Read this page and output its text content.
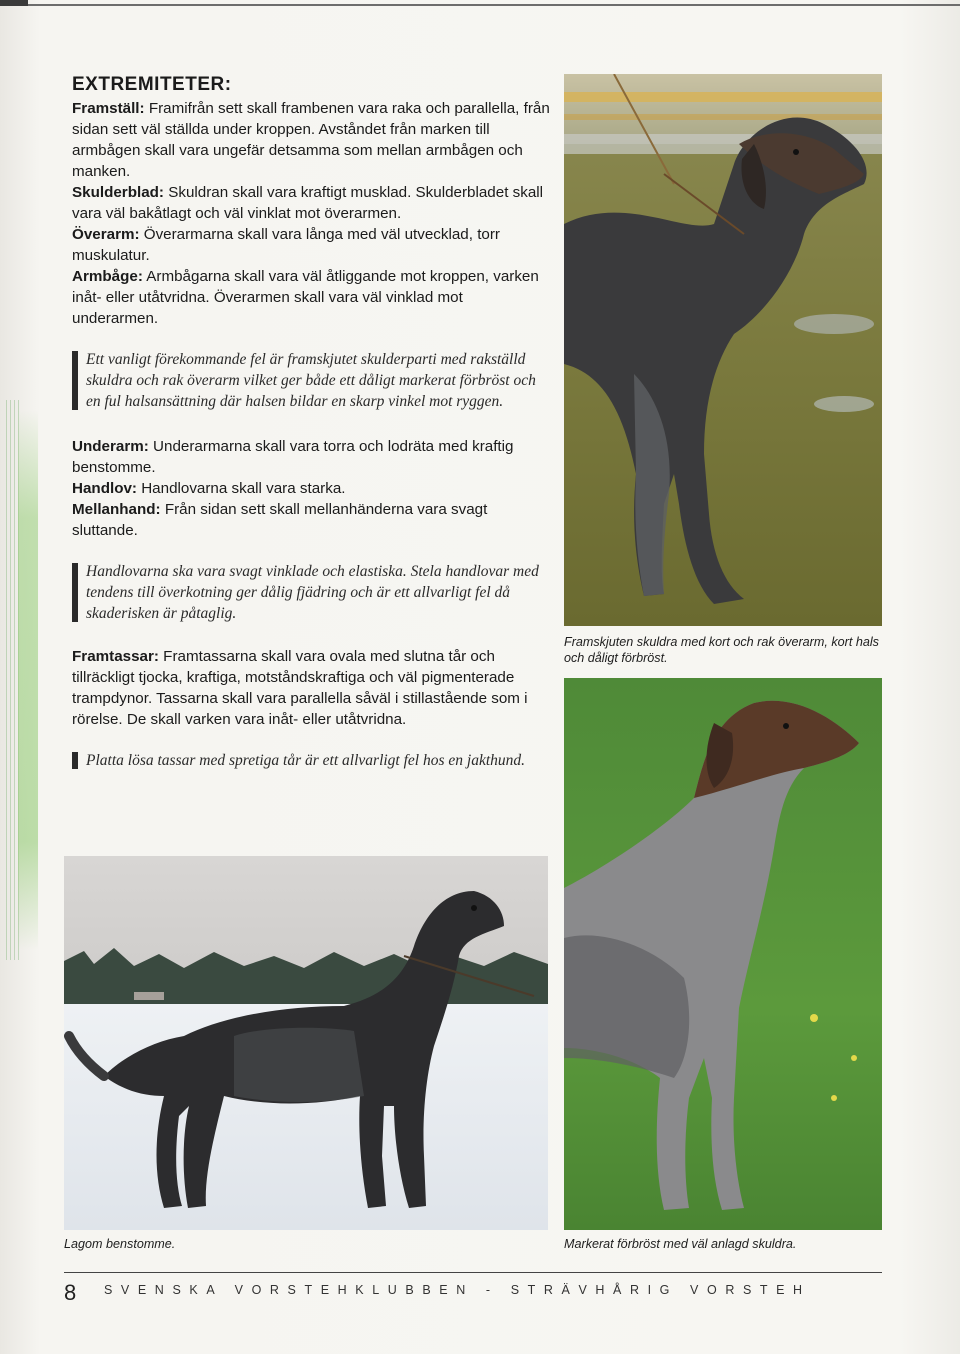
EXTREMITETER:

Framställ: Framifrån sett skall frambenen vara raka och parallella, från sidan sett väl ställda under kroppen. Avståndet från marken till armbågen skall vara ungefär detsamma som mellan armbågen och manken.

Skulderblad: Skuldran skall vara kraftigt musklad. Skulderbladet skall vara väl bakåtlagt och väl vinklat mot överarmen.

Överarm: Överarmarna skall vara långa med väl utvecklad, torr muskulatur.

Armbåge: Armbågarna skall vara väl åtliggande mot kroppen, varken inåt- eller utåtvridna. Överarmen skall vara väl vinklad mot underarmen.

Ett vanligt förekommande fel är framskjutet skulderparti med rakställd skuldra och rak överarm vilket ger både ett dåligt markerat förbröst och en ful halsansättning där halsen bildar en skarp vinkel mot ryggen.

Underarm: Underarmarna skall vara torra och lodräta med kraftig benstomme.

Handlov: Handlovarna skall vara starka.

Mellanhand: Från sidan sett skall mellanhänderna vara svagt sluttande.

Handlovarna ska vara svagt vinklade och elastiska. Stela handlovar med tendens till överkotning ger dålig fjädring och är ett allvarligt fel då skaderisken är påtaglig.

Framtassar: Framtassarna skall vara ovala med slutna tår och tillräckligt tjocka, kraftiga, motståndskraftiga och väl pigmenterade trampdynor. Tassarna skall vara parallella såväl i stillastående som i rörelse. De skall varken vara inåt- eller utåtvridna.

Platta lösa tassar med spretiga tår är ett allvarligt fel hos en jakthund.
Framskjuten skuldra med kort och rak överarm, kort hals och dåligt förbröst.
Markerat förbröst med väl anlagd skuldra.
Lagom benstomme.
8 SVENSKA VORSTEHKLUBBEN - STRÄVHÅRIG VORSTEH
